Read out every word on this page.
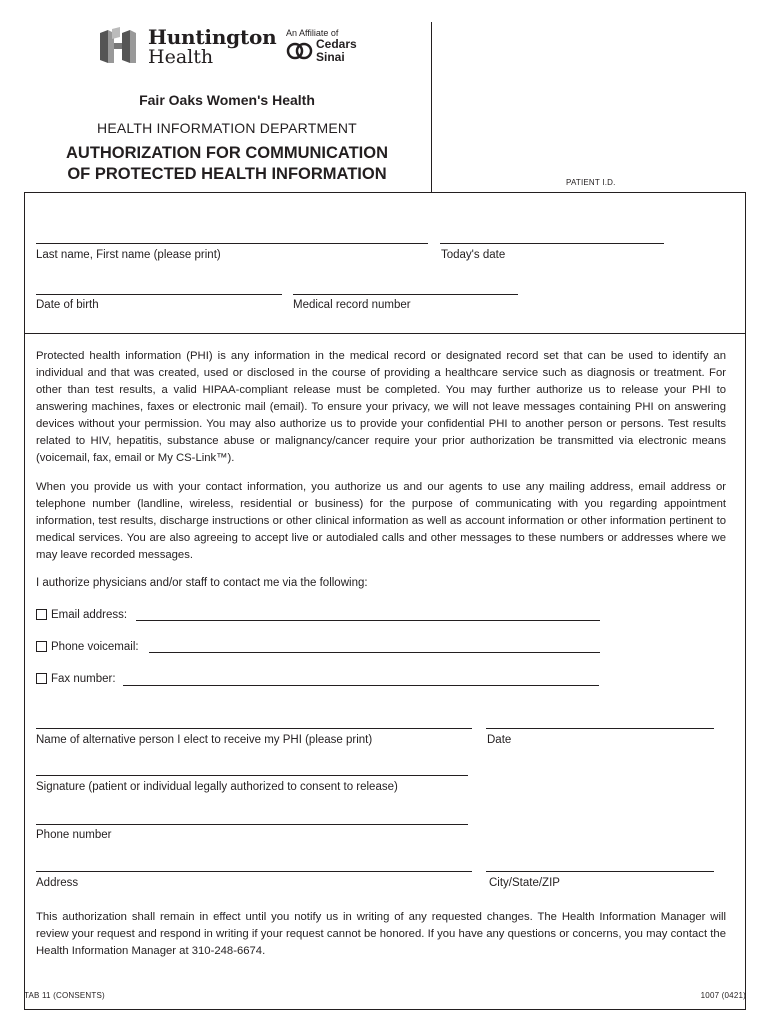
Huntington
Health
An Affiliate of
Cedars
Sinai
Fair Oaks Women's Health
HEALTH INFORMATION DEPARTMENT
AUTHORIZATION FOR COMMUNICATION
OF PROTECTED HEALTH INFORMATION	PATIENT I.D.
Last name, First name (please print)	Today's date
Date of birth	Medical record number
Protected health information (PHI) is any information in the medical record or designated record set that can be used to identify an individual and that was created, used or disclosed in the course of providing a healthcare service such as diagnosis or treatment. For other than test results, a valid HIPAA-compliant release must be completed. You may further authorize us to release your PHI to answering machines, faxes or electronic mail (email). To ensure your privacy, we will not leave messages containing PHI on answering devices without your permission. You may also authorize us to provide your confidential PHI to another person or persons. Test results related to HIV, hepatitis, substance abuse or malignancy/cancer require your prior authorization be transmitted via electronic means (voicemail, fax, email or My CS-Link™).
When you provide us with your contact information, you authorize us and our agents to use any mailing address, email address or telephone number (landline, wireless, residential or business) for the purpose of communicating with you regarding appointment information, test results, discharge instructions or other clinical information as well as account information or other information pertinent to medical services. You are also agreeing to accept live or autodialed calls and other messages to these numbers or addresses where we may leave recorded messages.
I authorize physicians and/or staff to contact me via the following:
Email address:
Phone voicemail:
Fax number:
Name of alternative person I elect to receive my PHI (please print)	Date
Signature (patient or individual legally authorized to consent to release)
Phone number
Address	City/State/ZIP
This authorization shall remain in effect until you notify us in writing of any requested changes. The Health Information Manager will review your request and respond in writing if your request cannot be honored. If you have any questions or concerns, you may contact the Health Information Manager at 310-248-6674.
TAB 11 (CONSENTS)	1007 (0421)
